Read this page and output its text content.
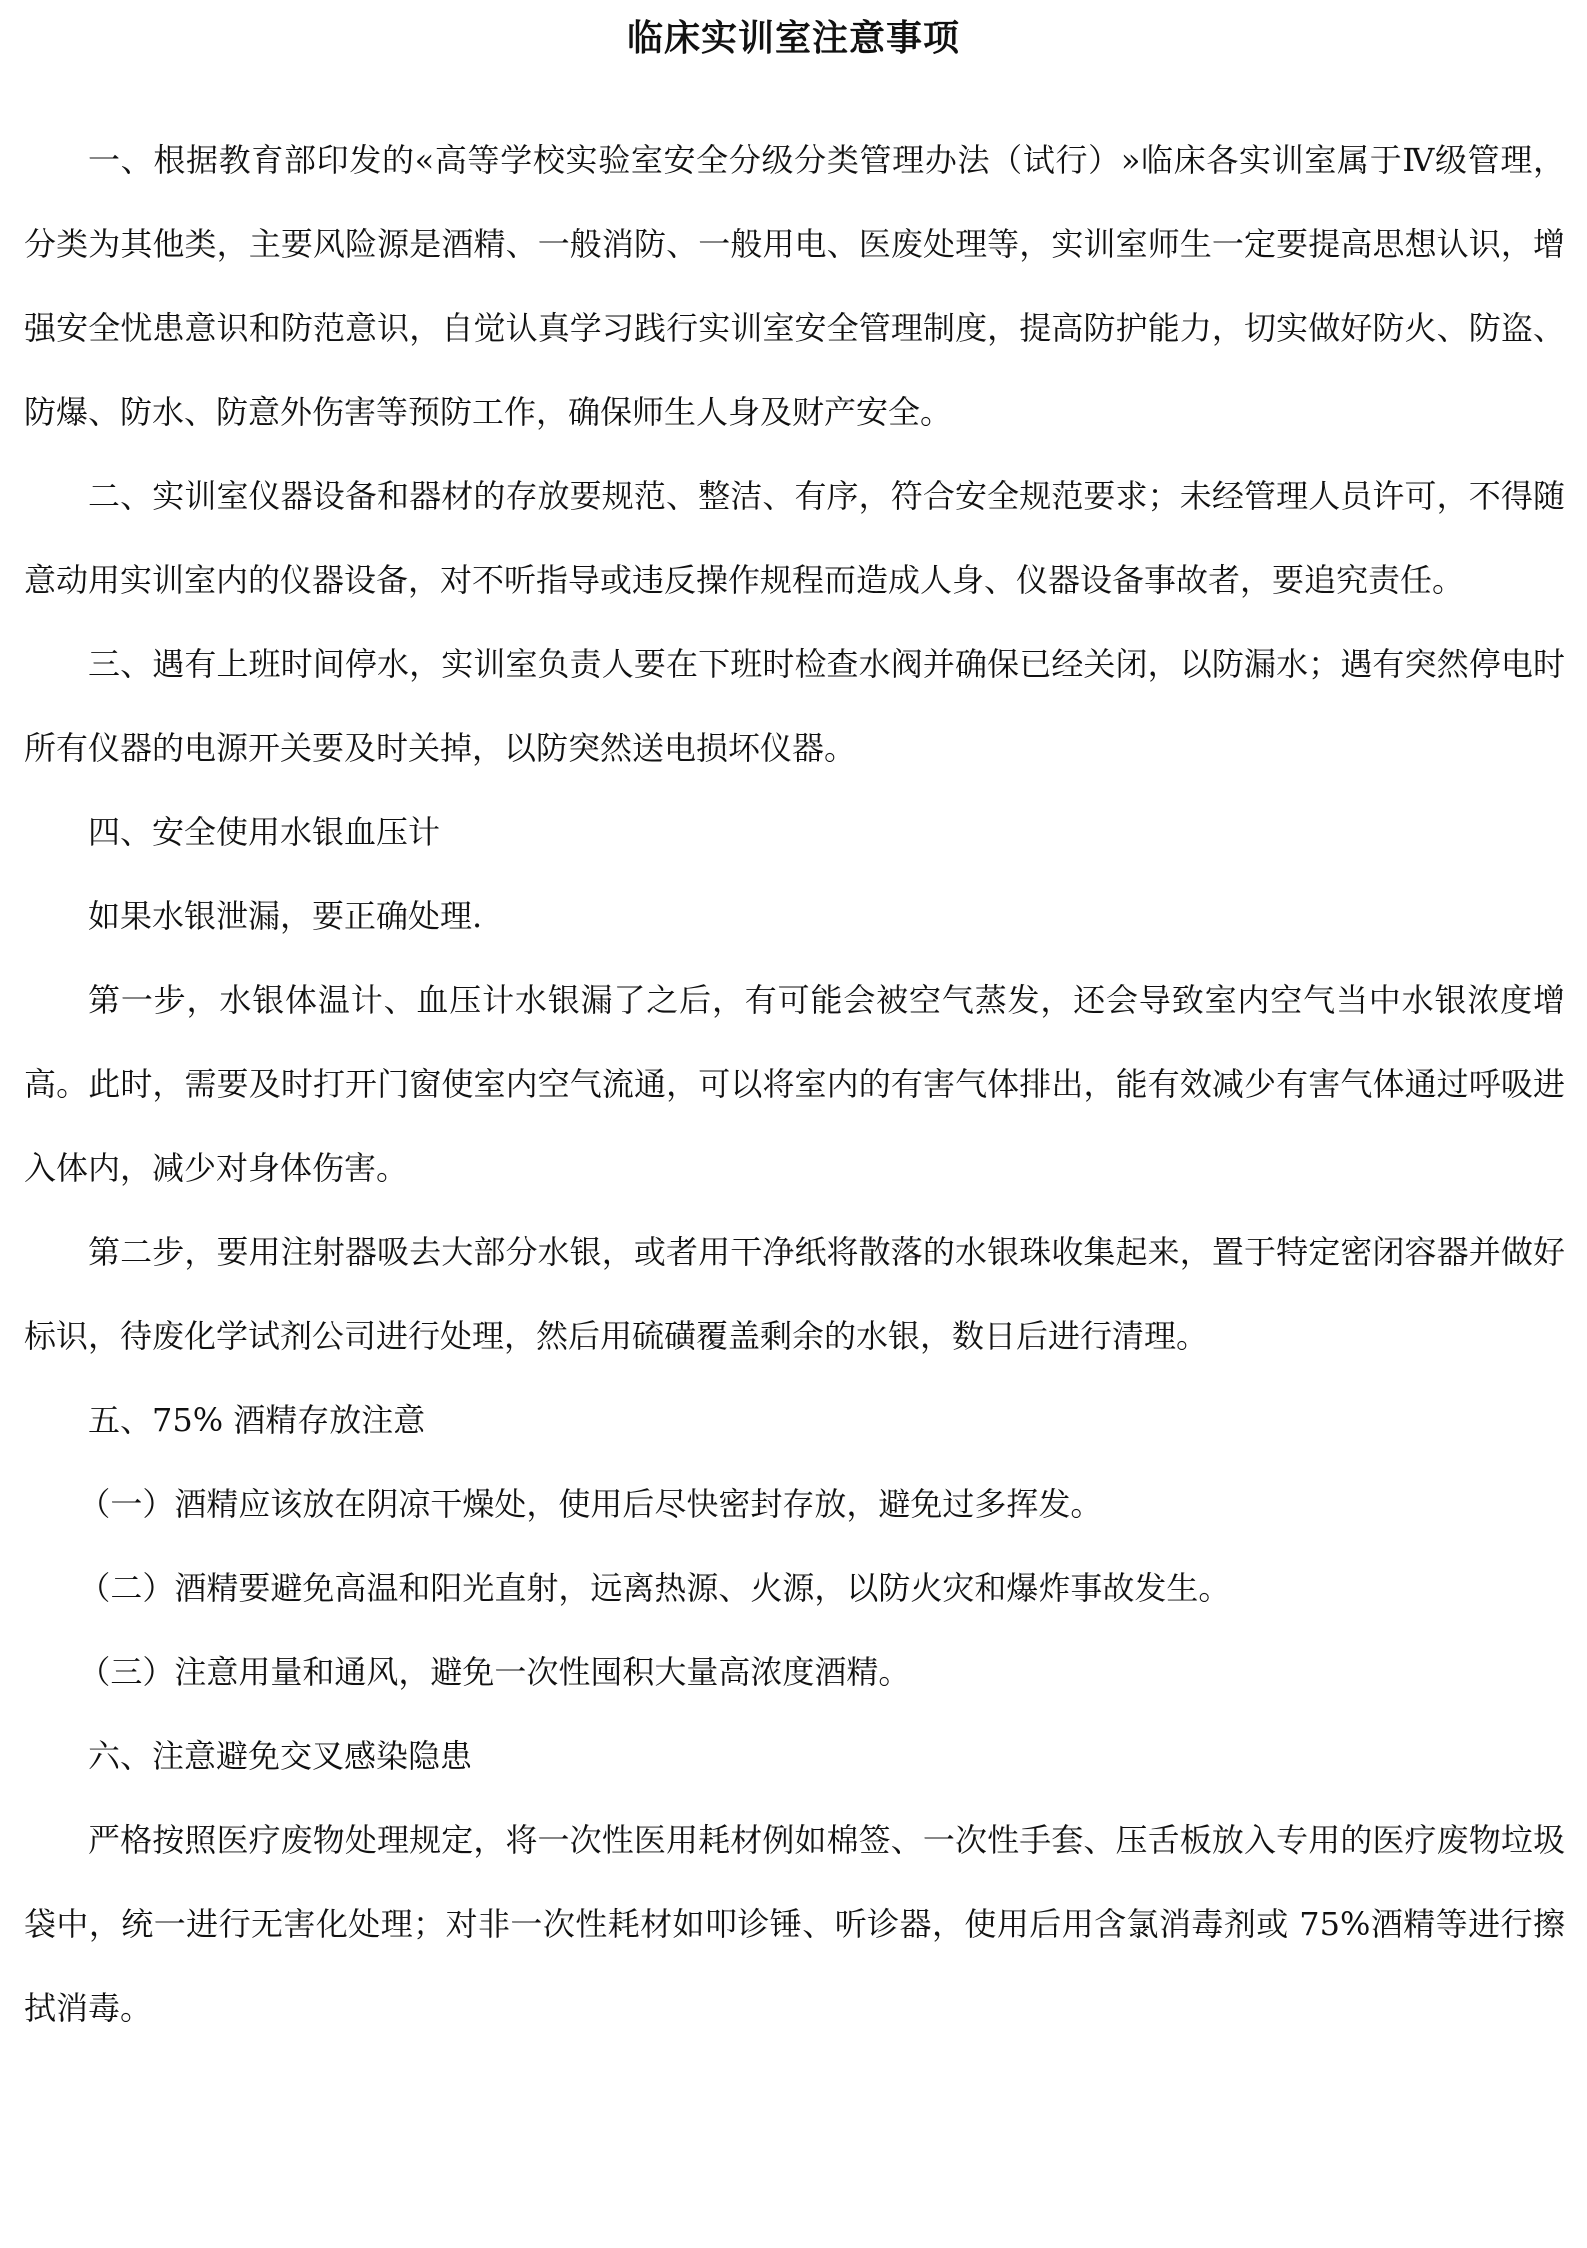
临床实训室注意事项

一、根据教育部印发的«高等学校实验室安全分级分类管理办法（试行）»临床各实训室属于Ⅳ级管理，分类为其他类，主要风险源是酒精、一般消防、一般用电、医废处理等，实训室师生一定要提高思想认识，增强安全忧患意识和防范意识，自觉认真学习践行实训室安全管理制度，提高防护能力，切实做好防火、防盗、防爆、防水、防意外伤害等预防工作，确保师生人身及财产安全。

二、实训室仪器设备和器材的存放要规范、整洁、有序，符合安全规范要求；未经管理人员许可，不得随意动用实训室内的仪器设备，对不听指导或违反操作规程而造成人身、仪器设备事故者，要追究责任。

三、遇有上班时间停水，实训室负责人要在下班时检查水阀并确保已经关闭，以防漏水；遇有突然停电时所有仪器的电源开关要及时关掉，以防突然送电损坏仪器。

四、安全使用水银血压计

如果水银泄漏，要正确处理.

第一步，水银体温计、血压计水银漏了之后，有可能会被空气蒸发，还会导致室内空气当中水银浓度增高。此时，需要及时打开门窗使室内空气流通，可以将室内的有害气体排出，能有效减少有害气体通过呼吸进入体内，减少对身体伤害。

第二步，要用注射器吸去大部分水银，或者用干净纸将散落的水银珠收集起来，置于特定密闭容器并做好标识，待废化学试剂公司进行处理，然后用硫磺覆盖剩余的水银，数日后进行清理。

五、75% 酒精存放注意

（一）酒精应该放在阴凉干燥处，使用后尽快密封存放，避免过多挥发。

（二）酒精要避免高温和阳光直射，远离热源、火源，以防火灾和爆炸事故发生。

（三）注意用量和通风，避免一次性囤积大量高浓度酒精。

六、注意避免交叉感染隐患

严格按照医疗废物处理规定，将一次性医用耗材例如棉签、一次性手套、压舌板放入专用的医疗废物垃圾袋中，统一进行无害化处理；对非一次性耗材如叩诊锤、听诊器，使用后用含氯消毒剂或 75%酒精等进行擦拭消毒。
